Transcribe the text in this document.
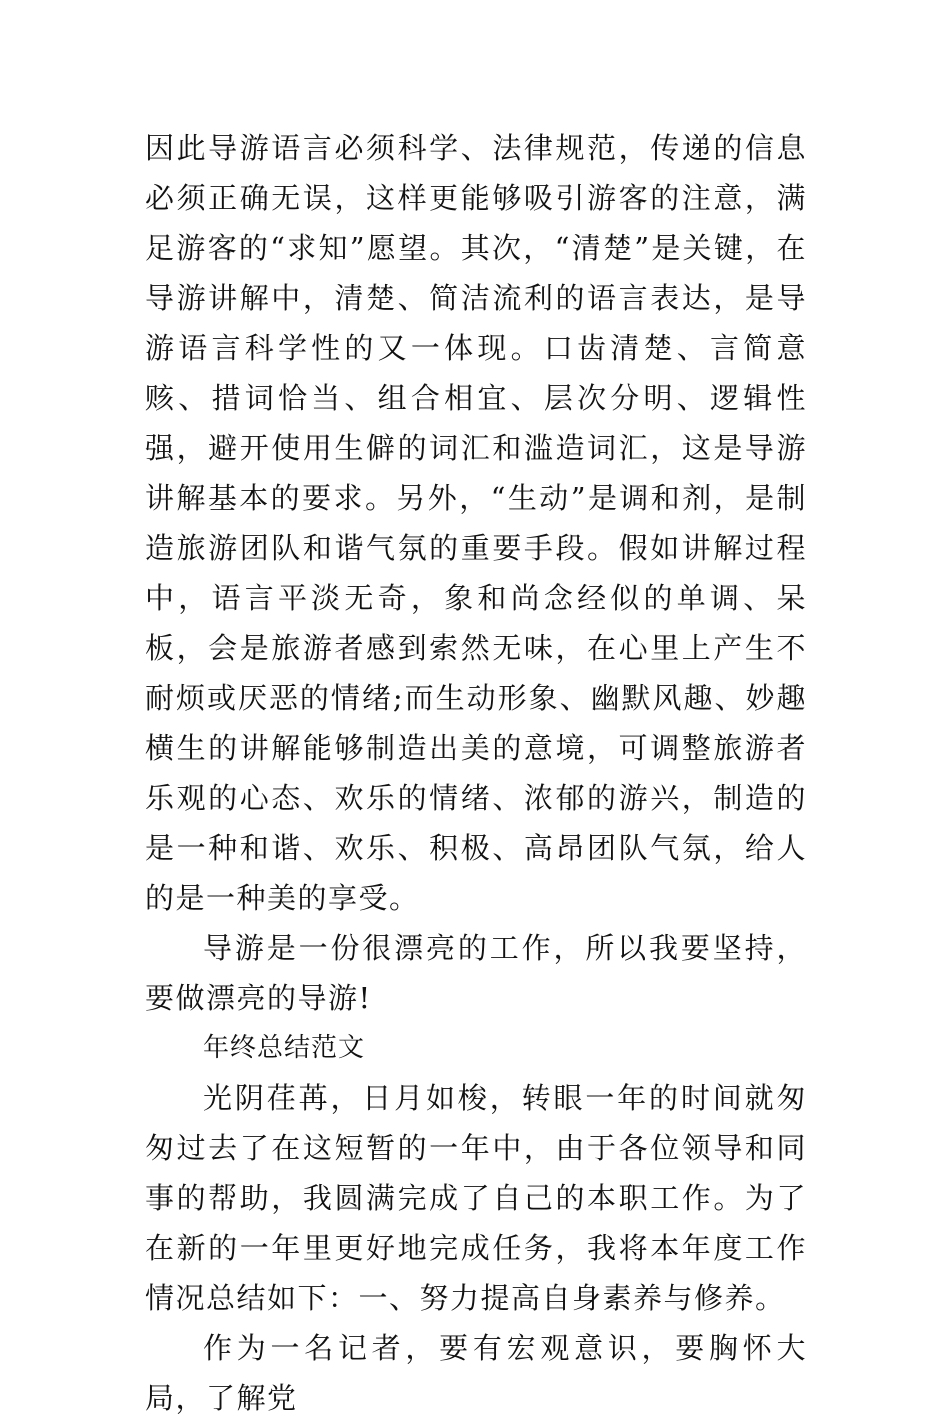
因此导游语言必须科学、法律规范，传递的信息必须正确无误，这样更能够吸引游客的注意，满足游客的“求知”愿望。其次，“清楚”是关键，在导游讲解中，清楚、简洁流利的语言表达，是导游语言科学性的又一体现。口齿清楚、言简意赅、措词恰当、组合相宜、层次分明、逻辑性强，避开使用生僻的词汇和滥造词汇，这是导游讲解基本的要求。另外，“生动”是调和剂，是制造旅游团队和谐气氛的重要手段。假如讲解过程中，语言平淡无奇，象和尚念经似的单调、呆板，会是旅游者感到索然无味，在心里上产生不耐烦或厌恶的情绪;而生动形象、幽默风趣、妙趣横生的讲解能够制造出美的意境，可调整旅游者乐观的心态、欢乐的情绪、浓郁的游兴，制造的是一种和谐、欢乐、积极、高昂团队气氛，给人的是一种美的享受。

导游是一份很漂亮的工作，所以我要坚持，要做漂亮的导游!

年终总结范文

光阴荏苒，日月如梭，转眼一年的时间就匆匆过去了在这短暂的一年中，由于各位领导和同事的帮助，我圆满完成了自己的本职工作。为了在新的一年里更好地完成任务，我将本年度工作情况总结如下：一、努力提高自身素养与修养。

作为一名记者，要有宏观意识，要胸怀大局，了解党
